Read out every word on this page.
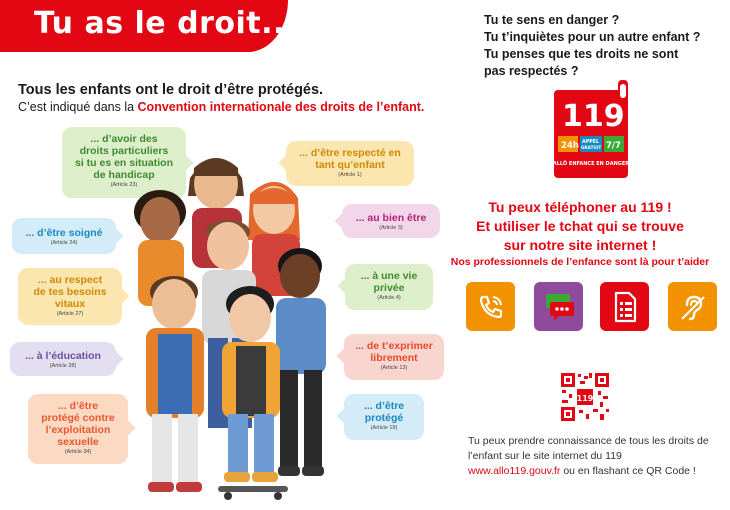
Tu as le droit...
Tous les enfants ont le droit d’être protégés.
C’est indiqué dans la Convention internationale des droits de l’enfant.
... d’avoir des
droits particuliers
si tu es en situation
de handicap
(Article 23)
... d’être respecté en
tant qu’enfant
(Article 1)
... d’être soigné
(Article 24)
... au bien être
(Article 3)
... au respect
de tes besoins
vitaux
(Article 27)
... à une vie
privée
(Article 4)
... à l’éducation
(Article 28)
... de t’exprimer
librement
(Article 13)
... d’être
protégé contre
l’exploitation
sexuelle
(Article 34)
... d’être
protégé
(Article 19)
Tu te sens en danger ?
Tu t’inquiètes pour un autre enfant ?
Tu penses que tes droits ne sont
pas respectés ?
119
24h APPEL
GRATUIT 7/7
ALLÔ ENFANCE EN DANGER
Tu peux téléphoner au 119 !
Et utiliser le tchat qui se trouve
sur notre site internet !
Nos professionnels de l’enfance sont là pour t’aider
119
Tu peux prendre connaissance de tous les droits de
l’enfant sur le site internet du 119
www.allo119.gouv.fr ou en flashant ce QR Code !
